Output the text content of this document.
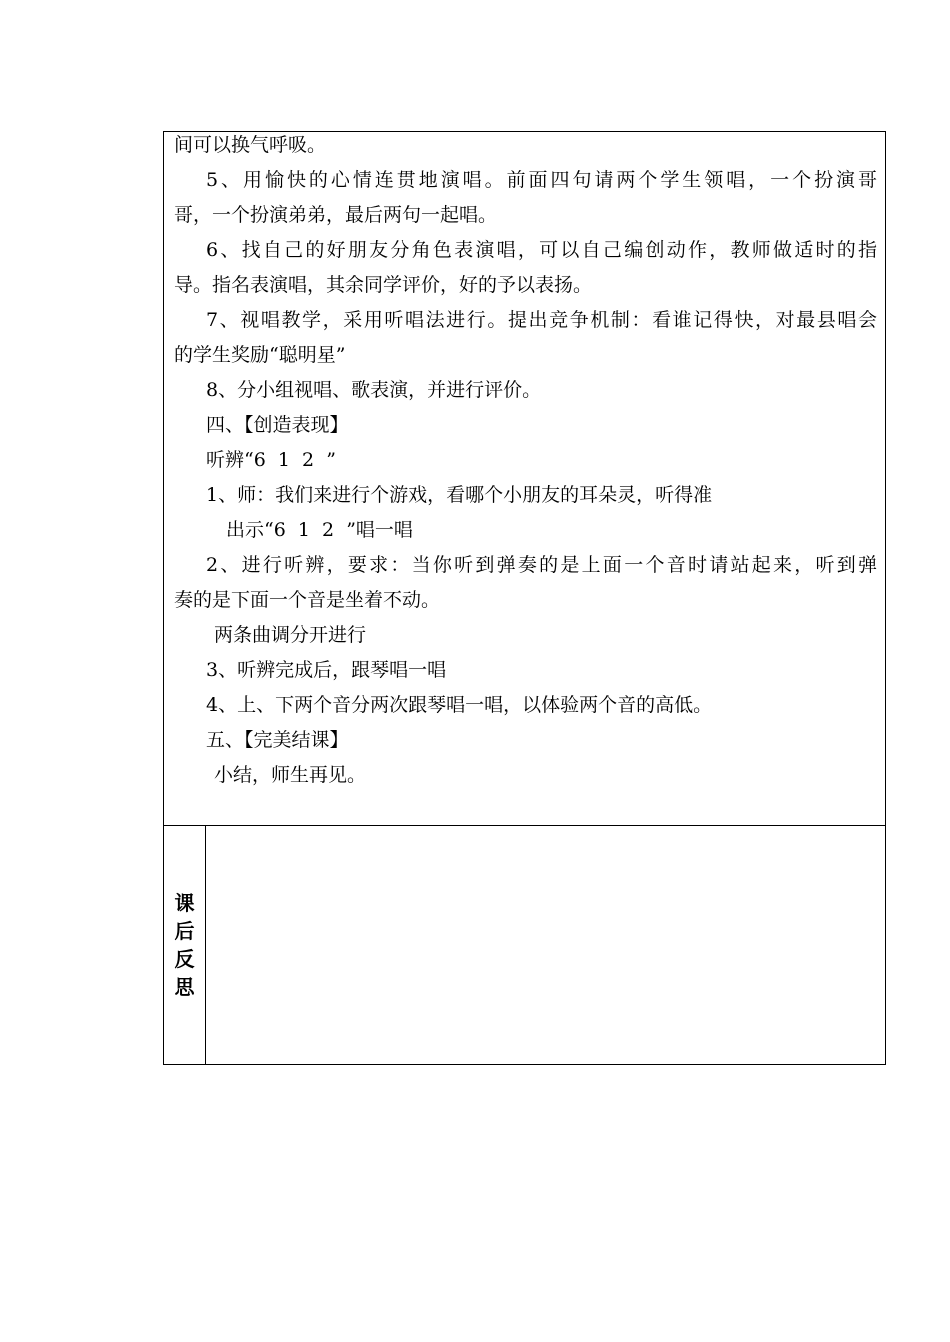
间可以换气呼吸。
5、用愉快的心情连贯地演唱。前面四句请两个学生领唱，一个扮演哥
哥，一个扮演弟弟，最后两句一起唱。
6、找自己的好朋友分角色表演唱，可以自己编创动作，教师做适时的指
导。指名表演唱，其余同学评价，好的予以表扬。
7、视唱教学，采用听唱法进行。提出竞争机制：看谁记得快，对最县唱会
的学生奖励“聪明星”
8、分小组视唱、歌表演，并进行评价。
四、【创造表现】
听辨“6  1  2  ”
1、师：我们来进行个游戏，看哪个小朋友的耳朵灵，听得准
出示“6  1  2  ”唱一唱
2、进行听辨，要求：当你听到弹奏的是上面一个音时请站起来，听到弹
奏的是下面一个音是坐着不动。
两条曲调分开进行
3、听辨完成后，跟琴唱一唱
4、上、下两个音分两次跟琴唱一唱，以体验两个音的高低。
五、【完美结课】
小结，师生再见。
课后反思
